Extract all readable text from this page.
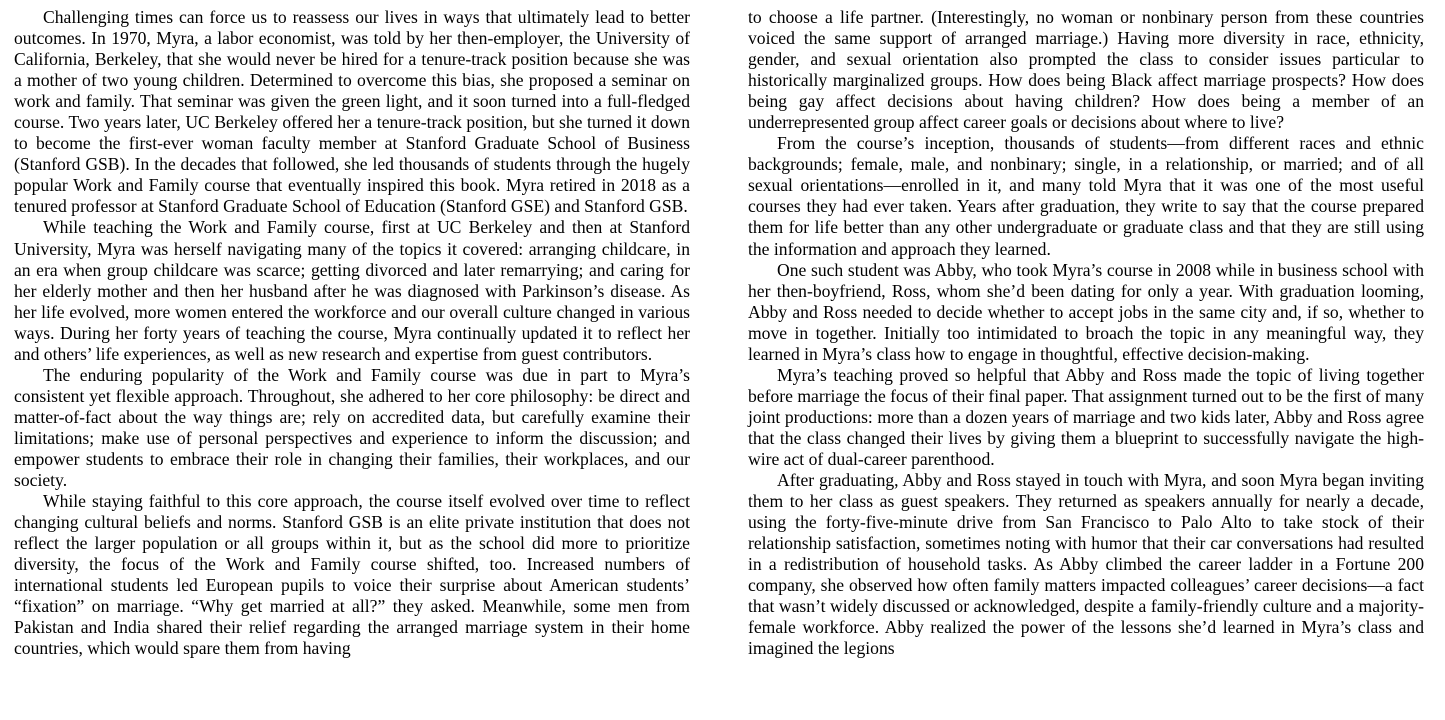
Challenging times can force us to reassess our lives in ways that ultimately lead to better outcomes. In 1970, Myra, a labor economist, was told by her then-employer, the University of California, Berkeley, that she would never be hired for a tenure-track position because she was a mother of two young children. Determined to overcome this bias, she proposed a seminar on work and family. That seminar was given the green light, and it soon turned into a full-fledged course. Two years later, UC Berkeley offered her a tenure-track position, but she turned it down to become the first-ever woman faculty member at Stanford Graduate School of Business (Stanford GSB). In the decades that followed, she led thousands of students through the hugely popular Work and Family course that eventually inspired this book. Myra retired in 2018 as a tenured professor at Stanford Graduate School of Education (Stanford GSE) and Stanford GSB.

While teaching the Work and Family course, first at UC Berkeley and then at Stanford University, Myra was herself navigating many of the topics it covered: arranging childcare, in an era when group childcare was scarce; getting divorced and later remarrying; and caring for her elderly mother and then her husband after he was diagnosed with Parkinson’s disease. As her life evolved, more women entered the workforce and our overall culture changed in various ways. During her forty years of teaching the course, Myra continually updated it to reflect her and others’ life experiences, as well as new research and expertise from guest contributors.

The enduring popularity of the Work and Family course was due in part to Myra’s consistent yet flexible approach. Throughout, she adhered to her core philosophy: be direct and matter-of-fact about the way things are; rely on accredited data, but carefully examine their limitations; make use of personal perspectives and experience to inform the discussion; and empower students to embrace their role in changing their families, their workplaces, and our society.

While staying faithful to this core approach, the course itself evolved over time to reflect changing cultural beliefs and norms. Stanford GSB is an elite private institution that does not reflect the larger population or all groups within it, but as the school did more to prioritize diversity, the focus of the Work and Family course shifted, too. Increased numbers of international students led European pupils to voice their surprise about American students’ “fixation” on marriage. “Why get married at all?” they asked. Meanwhile, some men from Pakistan and India shared their relief regarding the arranged marriage system in their home countries, which would spare them from having

to choose a life partner. (Interestingly, no woman or nonbinary person from these countries voiced the same support of arranged marriage.) Having more diversity in race, ethnicity, gender, and sexual orientation also prompted the class to consider issues particular to historically marginalized groups. How does being Black affect marriage prospects? How does being gay affect decisions about having children? How does being a member of an underrepresented group affect career goals or decisions about where to live?

From the course’s inception, thousands of students—from different races and ethnic backgrounds; female, male, and nonbinary; single, in a relationship, or married; and of all sexual orientations—enrolled in it, and many told Myra that it was one of the most useful courses they had ever taken. Years after graduation, they write to say that the course prepared them for life better than any other undergraduate or graduate class and that they are still using the information and approach they learned.

One such student was Abby, who took Myra’s course in 2008 while in business school with her then-boyfriend, Ross, whom she’d been dating for only a year. With graduation looming, Abby and Ross needed to decide whether to accept jobs in the same city and, if so, whether to move in together. Initially too intimidated to broach the topic in any meaningful way, they learned in Myra’s class how to engage in thoughtful, effective decision-making.

Myra’s teaching proved so helpful that Abby and Ross made the topic of living together before marriage the focus of their final paper. That assignment turned out to be the first of many joint productions: more than a dozen years of marriage and two kids later, Abby and Ross agree that the class changed their lives by giving them a blueprint to successfully navigate the high-wire act of dual-career parenthood.

After graduating, Abby and Ross stayed in touch with Myra, and soon Myra began inviting them to her class as guest speakers. They returned as speakers annually for nearly a decade, using the forty-five-minute drive from San Francisco to Palo Alto to take stock of their relationship satisfaction, sometimes noting with humor that their car conversations had resulted in a redistribution of household tasks. As Abby climbed the career ladder in a Fortune 200 company, she observed how often family matters impacted colleagues’ career decisions—a fact that wasn’t widely discussed or acknowledged, despite a family-friendly culture and a majority-female workforce. Abby realized the power of the lessons she’d learned in Myra’s class and imagined the legions
